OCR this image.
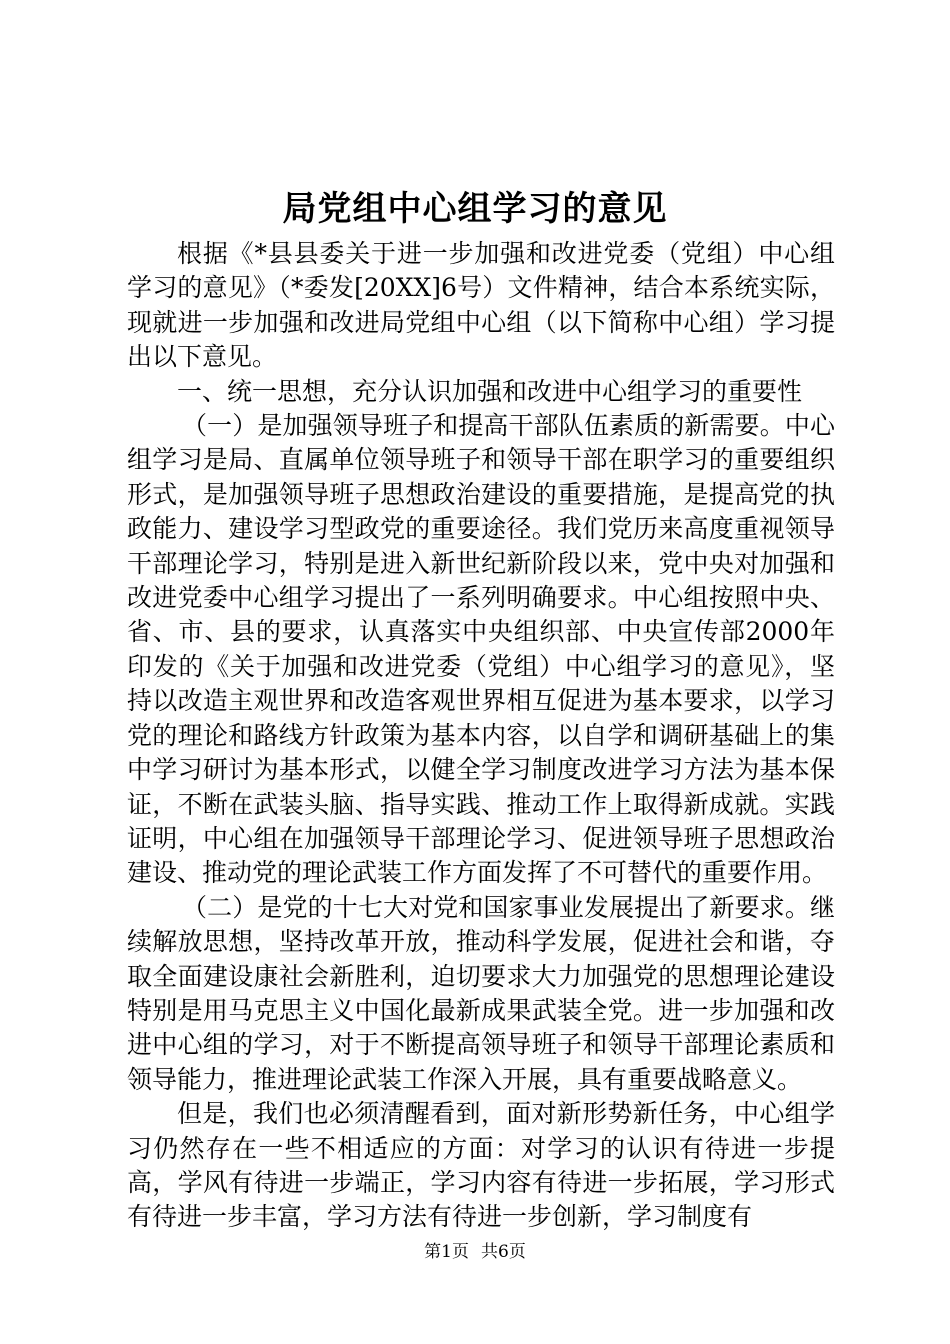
局党组中心组学习的意见

根据《*县县委关于进一步加强和改进党委（党组）中心组学习的意见》（*委发[20XX]6号）文件精神，结合本系统实际，现就进一步加强和改进局党组中心组（以下简称中心组）学习提出以下意见。

一、统一思想，充分认识加强和改进中心组学习的重要性

（一）是加强领导班子和提高干部队伍素质的新需要。中心组学习是局、直属单位领导班子和领导干部在职学习的重要组织形式，是加强领导班子思想政治建设的重要措施，是提高党的执政能力、建设学习型政党的重要途径。我们党历来高度重视领导干部理论学习，特别是进入新世纪新阶段以来，党中央对加强和改进党委中心组学习提出了一系列明确要求。中心组按照中央、省、市、县的要求，认真落实中央组织部、中央宣传部2000年印发的《关于加强和改进党委（党组）中心组学习的意见》，坚持以改造主观世界和改造客观世界相互促进为基本要求，以学习党的理论和路线方针政策为基本内容，以自学和调研基础上的集中学习研讨为基本形式，以健全学习制度改进学习方法为基本保证，不断在武装头脑、指导实践、推动工作上取得新成就。实践证明，中心组在加强领导干部理论学习、促进领导班子思想政治建设、推动党的理论武装工作方面发挥了不可替代的重要作用。

（二）是党的十七大对党和国家事业发展提出了新要求。继续解放思想，坚持改革开放，推动科学发展，促进社会和谐，夺取全面建设康社会新胜利，迫切要求大力加强党的思想理论建设特别是用马克思主义中国化最新成果武装全党。进一步加强和改进中心组的学习，对于不断提高领导班子和领导干部理论素质和领导能力，推进理论武装工作深入开展，具有重要战略意义。

但是，我们也必须清醒看到，面对新形势新任务，中心组学习仍然存在一些不相适应的方面：对学习的认识有待进一步提高，学风有待进一步端正，学习内容有待进一步拓展，学习形式有待进一步丰富，学习方法有待进一步创新，学习制度有

第1页 共6页
